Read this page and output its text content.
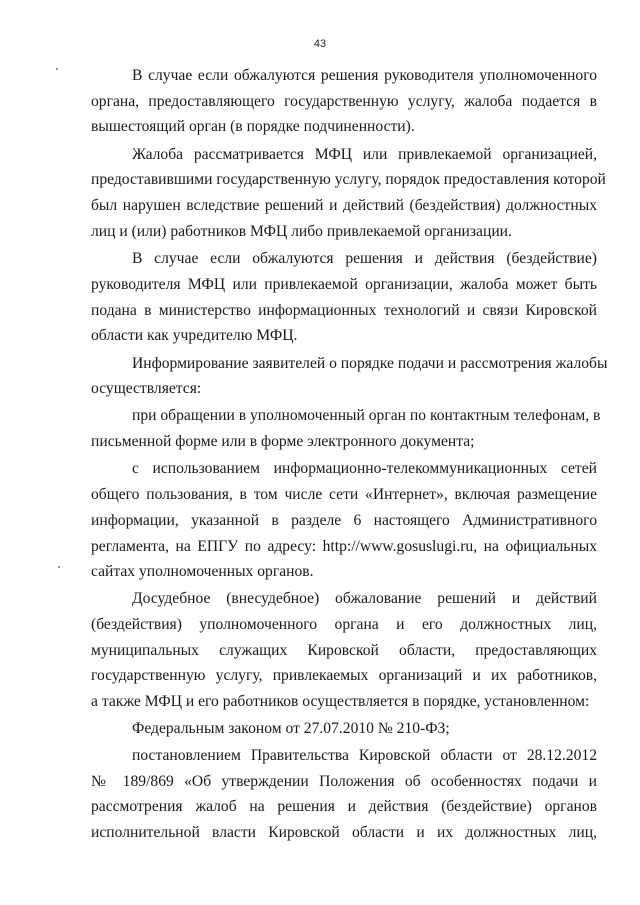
43
В случае если обжалуются решения руководителя уполномоченного
органа, предоставляющего государственную услугу, жалоба подается в
вышестоящий орган (в порядке подчиненности).
Жалоба рассматривается МФЦ или привлекаемой организацией,
предоставившими государственную услугу, порядок предоставления которой
был нарушен вследствие решений и действий (бездействия) должностных
лиц и (или) работников МФЦ либо привлекаемой организации.
В случае если обжалуются решения и действия (бездействие)
руководителя МФЦ или привлекаемой организации, жалоба может быть
подана в министерство информационных технологий и связи Кировской
области как учредителю МФЦ.
Информирование заявителей о порядке подачи и рассмотрения жалобы
осуществляется:
при обращении в уполномоченный орган по контактным телефонам, в
письменной форме или в форме электронного документа;
с использованием информационно-телекоммуникационных сетей
общего пользования, в том числе сети «Интернет», включая размещение
информации, указанной в разделе 6 настоящего Административного
регламента, на ЕПГУ по адресу: http://www.gosuslugi.ru, на официальных
сайтах уполномоченных органов.
Досудебное (внесудебное) обжалование решений и действий
(бездействия) уполномоченного органа и его должностных лиц,
муниципальных служащих Кировской области, предоставляющих
государственную услугу, привлекаемых организаций и их работников,
а также МФЦ и его работников осуществляется в порядке, установленном:
Федеральным законом от 27.07.2010 № 210-ФЗ;
постановлением Правительства Кировской области от 28.12.2012
№ 189/869 «Об утверждении Положения об особенностях подачи и
рассмотрения жалоб на решения и действия (бездействие) органов
исполнительной власти Кировской области и их должностных лиц,
